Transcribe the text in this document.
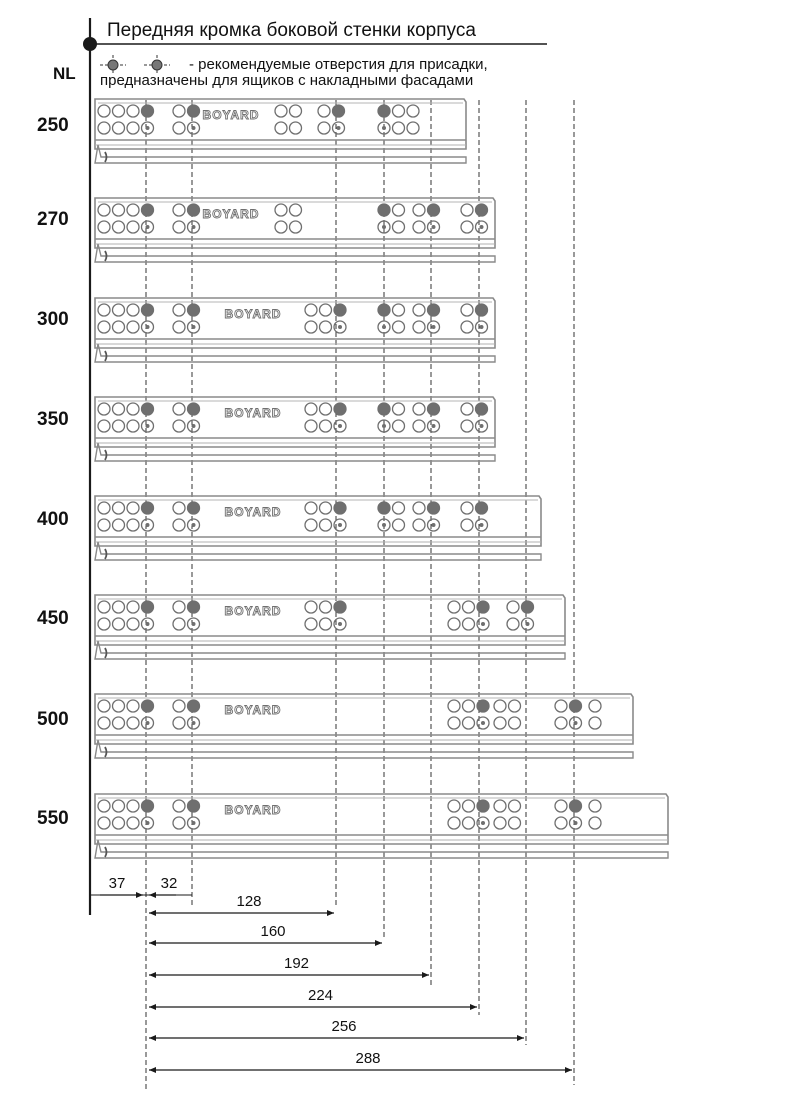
Передняя кромка боковой стенки корпуса
NL	- рекомендуемые отверстия для присадки,
предназначены для ящиков с накладными фасадами
BOYARD
BOYARD
BOYARD
BOYARD
BOYARD
BOYARD
BOYARD
BOYARD
37 32
128
160
192
224
256
288
250
270
300
350
400
450
500
550
